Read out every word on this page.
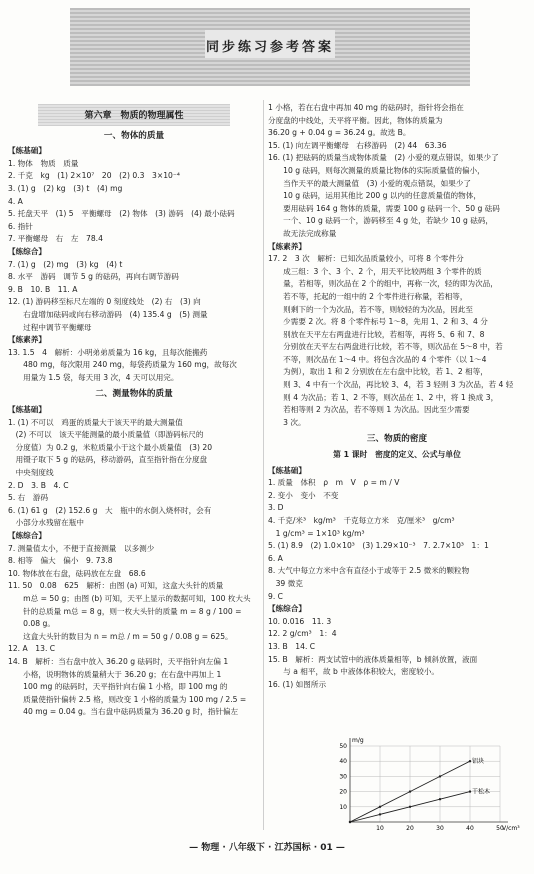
同步练习参考答案
第六章　物质的物理属性
一、物体的质量
【练基础】
1. 物体　物质　质量
2. 千克　kg　(1) 2×10⁷　20　(2) 0.3　3×10⁻⁴
3. (1) g　(2) kg　(3) t　(4) mg
4. A
5. 托盘天平　(1) 5　平衡螺母　(2) 物体　(3) 游码　(4) 最小砝码
6. 指针
7. 平衡螺母　右　左　78.4
【练综合】
7. (1) g　(2) mg　(3) kg　(4) t
8. 水平　游码　调节 5 g 的砝码，再向右调节游码
9. B　10. B　11. A
12. (1) 游码移至标尺左端的 0 刻度线处　(2) 右　(3) 向
　　右盘增加砝码或向右移动游码　(4) 135.4 g　(5) 测量
　　过程中调节平衡螺母
【练素养】
13. 1.5　4　解析：小明弟弟质量为 16 kg，且每次能搬药
　　480 mg，每次限用 240 mg，每袋药质量为 160 mg，故每次
　　用量为 1.5 袋，每天用 3 次，4 天可以用完。
二、测量物体的质量
【练基础】
1. (1) 不可以　鸡蛋的质量大于该天平的最大测量值
　(2) 不可以　该天平能测量的最小质量值（即游码标尺的
　分度值）为 0.2 g，米粒质量小于这个最小质量值　(3) 20
　用镊子取下 5 g 的砝码，移动游码，直至指针指在分度盘
　中央刻度线
2. D　3. B　4. C
5. 右　游码
6. (1) 61 g　(2) 152.6 g　大　瓶中的水倒入烧杯时，会有
　小部分水残留在瓶中
【练综合】
7. 测量值太小，不便于直接测量　以多测少
8. 相等　偏大　偏小　9. 73.8
10. 物体放在右盘，砝码放在左盘　68.6
11. 50　0.08　625　解析：由图 (a) 可知，这盒大头针的质量
　　m总 = 50 g；由图 (b) 可知，天平上显示的数据可知，100 枚大头
　　针的总质量 m总 = 8 g，则一枚大头针的质量 m = 8 g / 100 =
　　0.08 g。
　　这盒大头针的数目为 n = m总 / m = 50 g / 0.08 g = 625。
12. A　13. C
14. B　解析：当右盘中放入 36.20 g 砝码时，天平指针向左偏 1
　　小格，说明物体的质量稍大于 36.20 g；在右盘中再加上 1
　　100 mg 的砝码时，天平指针向右偏 1 小格，即 100 mg 的
　　质量使指针偏转 2.5 格，则改变 1 小格的质量为 100 mg / 2.5 =
　　40 mg = 0.04 g。当右盘中砝码质量为 36.20 g 时，指针偏左
1 小格，若在右盘中再加 40 mg 的砝码时，指针将会指在
分度盘的中线处，天平将平衡。因此，物体的质量为
36.20 g + 0.04 g = 36.24 g。故选 B。
15. (1) 向左调平衡螺母　右移游码　(2) 44　63.36
16. (1) 把砝码的质量当成物体质量　(2) 小爱的观点错误，如果少了
　　10 g 砝码，则每次测量的质量比物体的实际质量值的偏小，
　　当作天平的最大测量值　(3) 小爱的观点错误，如果少了
　　10 g 砝码，运用其他比 200 g 以内的任意质量值的物体，
　　要用砝码 164 g 物体的质量，需要 100 g 砝码一个、50 g 砝码
　　一个、10 g 砝码一个，游码移至 4 g 处，若缺少 10 g 砝码，
　　故无法完成称量
【练素养】
17. 2　3 次　解析：已知次品质量较小，可将 8 个零件分
　　成三组：3 个、3 个、2 个，用天平比较两组 3 个零件的质
　　量，若相等，则次品在 2 个的组中，再称一次，轻的即为次品，
　　若不等，托起的一组中的 2 个零件进行称量，若相等，
　　则剩下的一个为次品，若不等，则较轻的为次品，因此至
　　少需要 2 次。将 8 个零件标号 1～8，先用 1、2 和 3、4 分
　　别放在天平左右两盘进行比较，若相等，再将 5、6 和 7、8
　　分别放在天平左右两盘进行比较，若不等，则次品在 5～8 中，若
　　不等，则次品在 1～4 中。将包含次品的 4 个零件（以 1～4
　　为例），取出 1 和 2 分别放在左右盘中比较，若 1、2 相等，
　　则 3、4 中有一个次品，再比较 3、4，若 3 轻则 3 为次品，若 4 轻
　　则 4 为次品；若 1、2 不等，则次品在 1、2 中，将 1 换成 3，
　　若相等则 2 为次品，若不等则 1 为次品。因此至少需要
　　3 次。
三、物质的密度
第 1 课时　密度的定义、公式与单位
【练基础】
1. 质量　体积　ρ　m　V　ρ = m / V
2. 变小　变小　不变
3. D
4. 千克/米³　kg/m³　千克每立方米　克/厘米³　g/cm³
　1 g/cm³ = 1×10³ kg/m³
5. (1) 8.9　(2) 1.0×10³　(3) 1.29×10⁻³　7. 2.7×10³　1：1
6. A
8. 大气中每立方米中含有直径小于或等于 2.5 微米的颗粒物
　39 微克
9. C
【练综合】
10. 0.016　11. 3
12. 2 g/cm³　1：4
13. B　14. C
15. B　解析：两支试管中的液体质量相等，b 倾斜放置，液面
　　与 a 相平，故 b 中液体体积较大，密度较小。
16. (1) 如图所示
10	20	30	40	50
10
20
30
40
50
m/g
V/cm³
铝块
干松木
— 物理 · 八年级下 · 江苏国标 · 01 —
